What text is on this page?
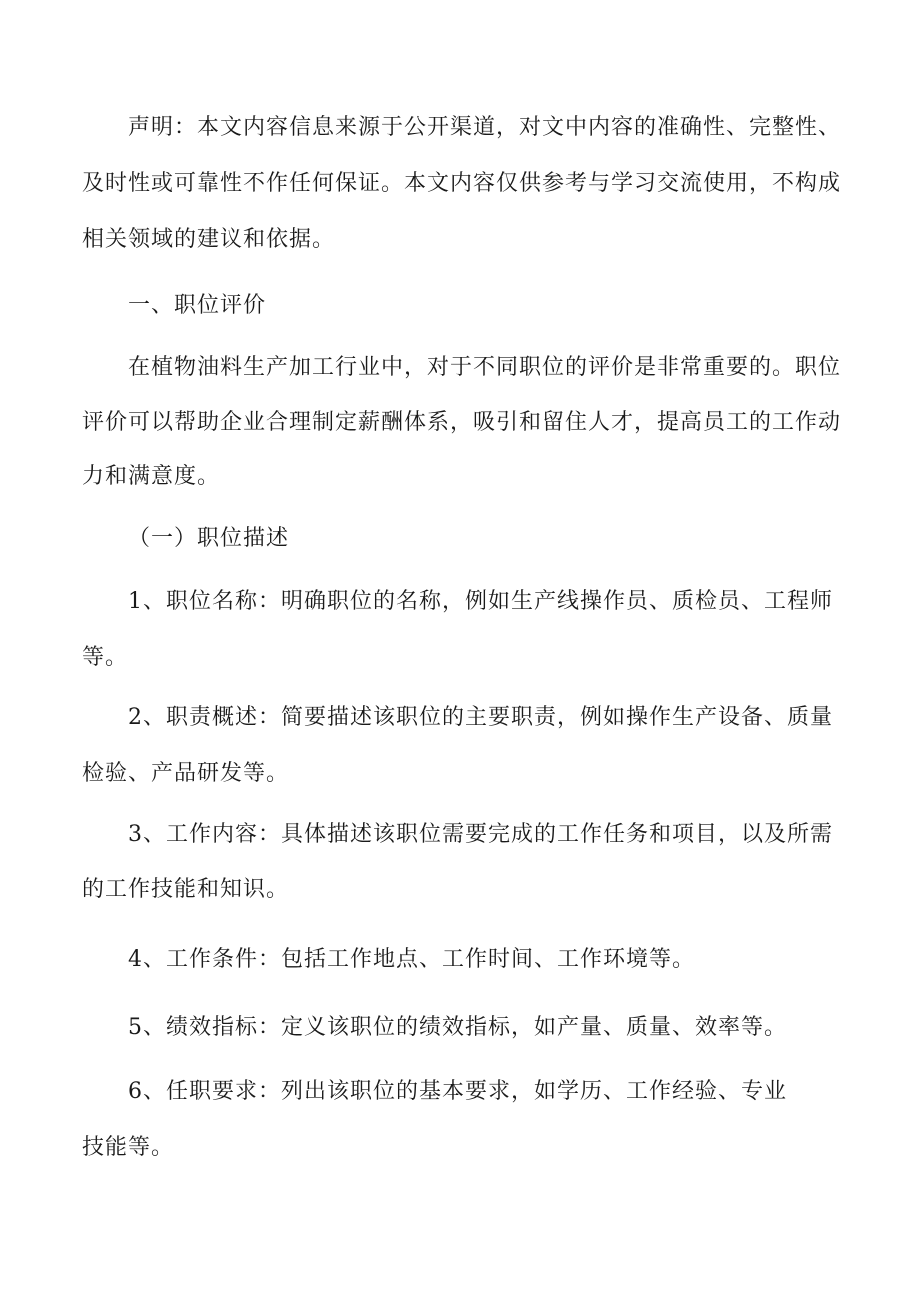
声明：本文内容信息来源于公开渠道，对文中内容的准确性、完整性、
及时性或可靠性不作任何保证。本文内容仅供参考与学习交流使用，不构成
相关领域的建议和依据。
一、职位评价
在植物油料生产加工行业中，对于不同职位的评价是非常重要的。职位
评价可以帮助企业合理制定薪酬体系，吸引和留住人才，提高员工的工作动
力和满意度。
（一）职位描述
1、职位名称：明确职位的名称，例如生产线操作员、质检员、工程师
等。
2、职责概述：简要描述该职位的主要职责，例如操作生产设备、质量
检验、产品研发等。
3、工作内容：具体描述该职位需要完成的工作任务和项目，以及所需
的工作技能和知识。
4、工作条件：包括工作地点、工作时间、工作环境等。
5、绩效指标：定义该职位的绩效指标，如产量、质量、效率等。
6、任职要求：列出该职位的基本要求，如学历、工作经验、专业
技能等。
